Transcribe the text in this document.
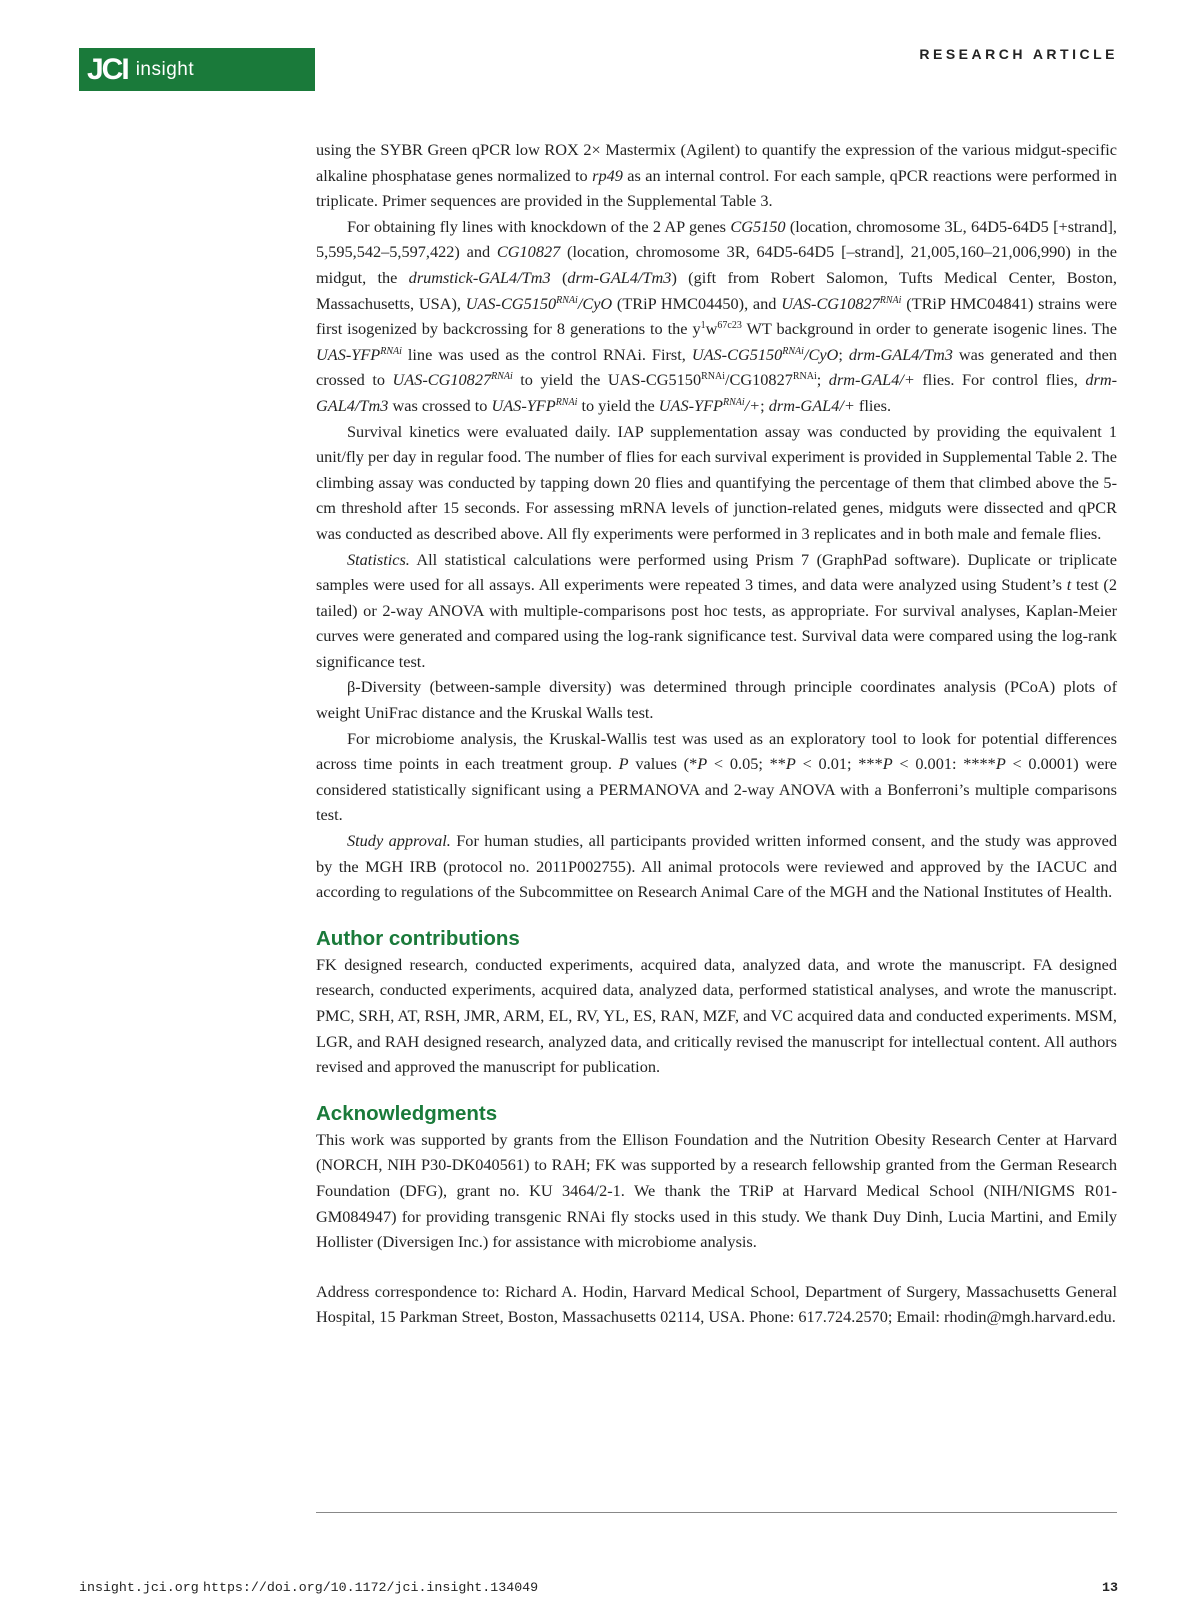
JCI insight
RESEARCH ARTICLE

using the SYBR Green qPCR low ROX 2× Mastermix (Agilent) to quantify the expression of the various midgut-specific alkaline phosphatase genes normalized to rp49 as an internal control. For each sample, qPCR reactions were performed in triplicate. Primer sequences are provided in the Supplemental Table 3.

For obtaining fly lines with knockdown of the 2 AP genes CG5150 (location, chromosome 3L, 64D5-64D5 [+strand], 5,595,542–5,597,422) and CG10827 (location, chromosome 3R, 64D5-64D5 [–strand], 21,005,160–21,006,990) in the midgut, the drumstick-GAL4/Tm3 (drm-GAL4/Tm3) (gift from Robert Salomon, Tufts Medical Center, Boston, Massachusetts, USA), UAS-$CG5150^{RNAi}$/CyO (TRiP HMC04450), and UAS-$CG10827^{RNAi}$ (TRiP HMC04841) strains were first isogenized by backcrossing for 8 generations to the $y^1w^{67c23}$ WT background in order to generate isogenic lines. The UAS-$YFP^{RNAi}$ line was used as the control RNAi. First, UAS-$CG5150^{RNAi}$/CyO; drm-GAL4/Tm3 was generated and then crossed to UAS-$CG10827^{RNAi}$ to yield the UAS-$CG5150^{RNAi}/CG10827^{RNAi}$; drm-GAL4/+ flies. For control flies, drm-GAL4/Tm3 was crossed to UAS-$YFP^{RNAi}$ to yield the UAS-$YFP^{RNAi}/+$; drm-GAL4/+ flies.

Survival kinetics were evaluated daily. IAP supplementation assay was conducted by providing the equivalent 1 unit/fly per day in regular food. The number of flies for each survival experiment is provided in Supplemental Table 2. The climbing assay was conducted by tapping down 20 flies and quantifying the percentage of them that climbed above the 5-cm threshold after 15 seconds. For assessing mRNA levels of junction-related genes, midguts were dissected and qPCR was conducted as described above. All fly experiments were performed in 3 replicates and in both male and female flies.

Statistics. All statistical calculations were performed using Prism 7 (GraphPad software). Duplicate or triplicate samples were used for all assays. All experiments were repeated 3 times, and data were analyzed using Student’s t test (2 tailed) or 2-way ANOVA with multiple-comparisons post hoc tests, as appropriate. For survival analyses, Kaplan-Meier curves were generated and compared using the log-rank significance test. Survival data were compared using the log-rank significance test.

β-Diversity (between-sample diversity) was determined through principle coordinates analysis (PCoA) plots of weight UniFrac distance and the Kruskal Walls test.

For microbiome analysis, the Kruskal-Wallis test was used as an exploratory tool to look for potential differences across time points in each treatment group. P values (*P < 0.05; **P < 0.01; ***P < 0.001: ****P < 0.0001) were considered statistically significant using a PERMANOVA and 2-way ANOVA with a Bonferroni’s multiple comparisons test.

Study approval. For human studies, all participants provided written informed consent, and the study was approved by the MGH IRB (protocol no. 2011P002755). All animal protocols were reviewed and approved by the IACUC and according to regulations of the Subcommittee on Research Animal Care of the MGH and the National Institutes of Health.

Author contributions

FK designed research, conducted experiments, acquired data, analyzed data, and wrote the manuscript. FA designed research, conducted experiments, acquired data, analyzed data, performed statistical analyses, and wrote the manuscript. PMC, SRH, AT, RSH, JMR, ARM, EL, RV, YL, ES, RAN, MZF, and VC acquired data and conducted experiments. MSM, LGR, and RAH designed research, analyzed data, and critically revised the manuscript for intellectual content. All authors revised and approved the manuscript for publication.

Acknowledgments

This work was supported by grants from the Ellison Foundation and the Nutrition Obesity Research Center at Harvard (NORCH, NIH P30-DK040561) to RAH; FK was supported by a research fellowship granted from the German Research Foundation (DFG), grant no. KU 3464/2-1. We thank the TRiP at Harvard Medical School (NIH/NIGMS R01-GM084947) for providing transgenic RNAi fly stocks used in this study. We thank Duy Dinh, Lucia Martini, and Emily Hollister (Diversigen Inc.) for assistance with microbiome analysis.

Address correspondence to: Richard A. Hodin, Harvard Medical School, Department of Surgery, Massachusetts General Hospital, 15 Parkman Street, Boston, Massachusetts 02114, USA. Phone: 617.724.2570; Email: rhodin@mgh.harvard.edu.

insight.jci.org https://doi.org/10.1172/jci.insight.134049	13
